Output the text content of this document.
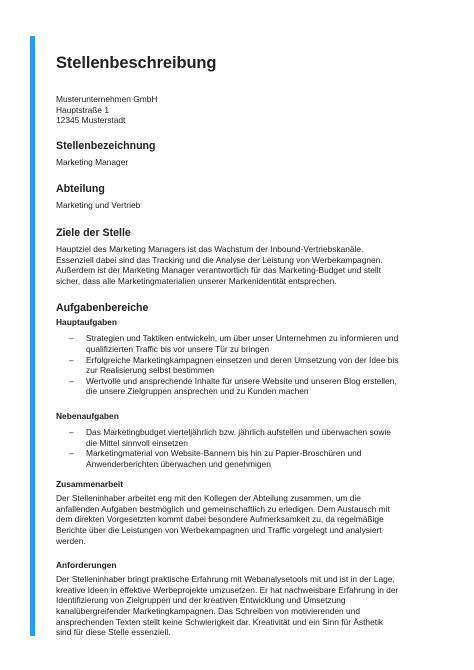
Stellenbeschreibung

Musterunternehmen GmbH

Hauptstraße 1

12345 Musterstadt

Stellenbezeichnung

Marketing Manager

Abteilung

Marketing und Vertrieb

Ziele der Stelle

Hauptziel des Marketing Managers ist das Wachstum der Inbound-Vertriebskanäle.

Essenziell dabei sind das Tracking und die Analyse der Leistung von Werbekampagnen.

Außerdem ist der Marketing Manager verantwortlich für das Marketing-Budget und stellt

sicher, dass alle Marketingmaterialien unserer Markenidentität entsprechen.

Aufgabenbereiche
Hauptaufgaben
– Strategien und Taktiken entwickeln, um über unser Unternehmen zu informieren und
qualifizierten Traffic bis vor unsere Tür zu bringen
– Erfolgreiche Marketingkampagnen einsetzen und deren Umsetzung von der Idee bis
zur Realisierung selbst bestimmen
– Wertvolle und ansprechende Inhalte für unsere Website und unseren Blog erstellen,
die unsere Zielgruppen ansprechen und zu Kunden machen
Nebenaufgaben
– Das Marketingbudget vierteljährlich bzw. jährlich aufstellen und überwachen sowie
die Mittel sinnvoll einsetzen
– Marketingmaterial von Website-Bannern bis hin zu Papier-Broschüren und
Anwenderberichten überwachen und genehmigen
Zusammenarbeit

Der Stelleninhaber arbeitet eng mit den Kollegen der Abteilung zusammen, um die

anfallenden Aufgaben bestmöglich und gemeinschaftlich zu erledigen. Dem Austausch mit

dem direkten Vorgesetzten kommt dabei besondere Aufmerksamkeit zu, da regelmäßige

Berichte über die Leistungen von Werbekampagnen und Traffic vorgelegt und analysiert

werden.

Anforderungen

Der Stelleninhaber bringt praktische Erfahrung mit Webanalysetools mit und ist in der Lage,

kreative Ideen in effektive Werbeprojekte umzusetzen. Er hat nachweisbare Erfahrung in der

Identifizierung von Zielgruppen und der kreativen Entwicklung und Umsetzung

kanalübergreifender Marketingkampagnen. Das Schreiben von motivierenden und

ansprechenden Texten stellt keine Schwierigkeit dar. Kreativität und ein Sinn für Ästhetik

sind für diese Stelle essenziell.
